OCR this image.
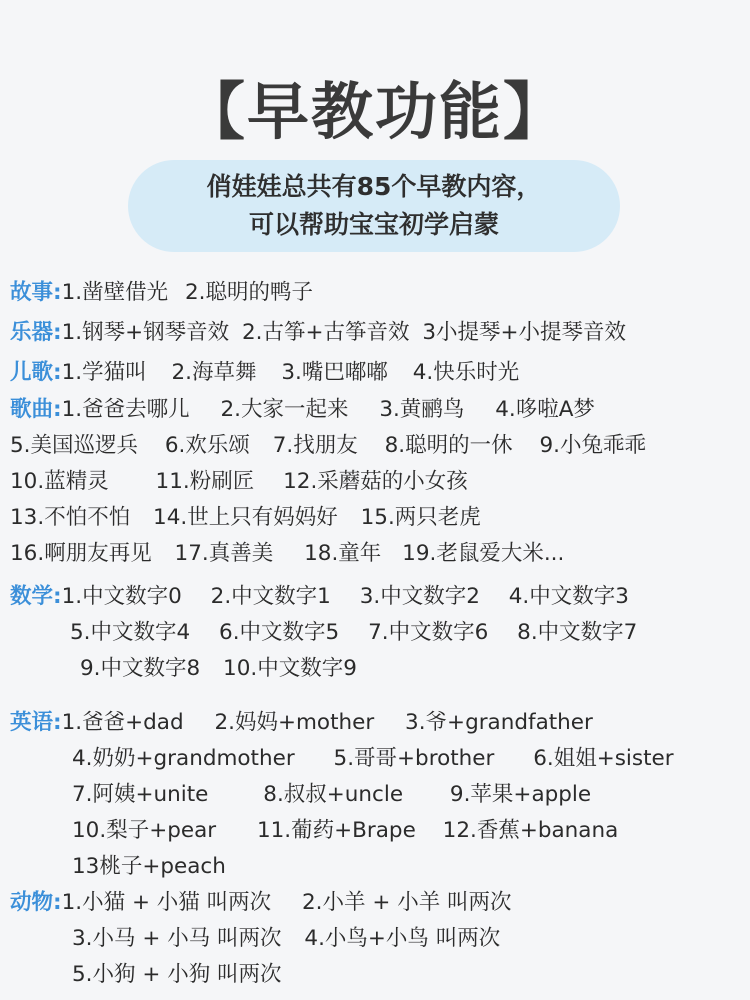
【早教功能】
俏娃娃总共有85个早教内容，
可以帮助宝宝初学启蒙
故事:1.凿壁借光 2.聪明的鸭子
乐器:1.钢琴+钢琴音效 2.古筝+古筝音效 3小提琴+小提琴音效
儿歌:1.学猫叫 2.海草舞 3.嘴巴嘟嘟 4.快乐时光
歌曲:1.爸爸去哪儿 2.大家一起来 3.黄鹂鸟 4.哆啦A梦
5.美国巡逻兵 6.欢乐颂 7.找朋友 8.聪明的一休 9.小兔乖乖
10.蓝精灵 11.粉刷匠 12.采蘑菇的小女孩
13.不怕不怕 14.世上只有妈妈好 15.两只老虎
16.啊朋友再见 17.真善美 18.童年 19.老鼠爱大米...
数学:1.中文数字0 2.中文数字1 3.中文数字2 4.中文数字3
5.中文数字4 6.中文数字5 7.中文数字6 8.中文数字7
9.中文数字8 10.中文数字9
英语:1.爸爸+dad 2.妈妈+mother 3.爷+grandfather
4.奶奶+grandmother 5.哥哥+brother 6.姐姐+sister
7.阿姨+unite	8.叔叔+uncle 9.苹果+apple
10.梨子+pear 11.葡药+Brape 12.香蕉+banana
13桃子+peach
动物:1.小猫 + 小猫 叫两次 2.小羊 + 小羊 叫两次
3.小马 + 小马 叫两次 4.小鸟+小鸟 叫两次
5.小狗 + 小狗 叫两次
